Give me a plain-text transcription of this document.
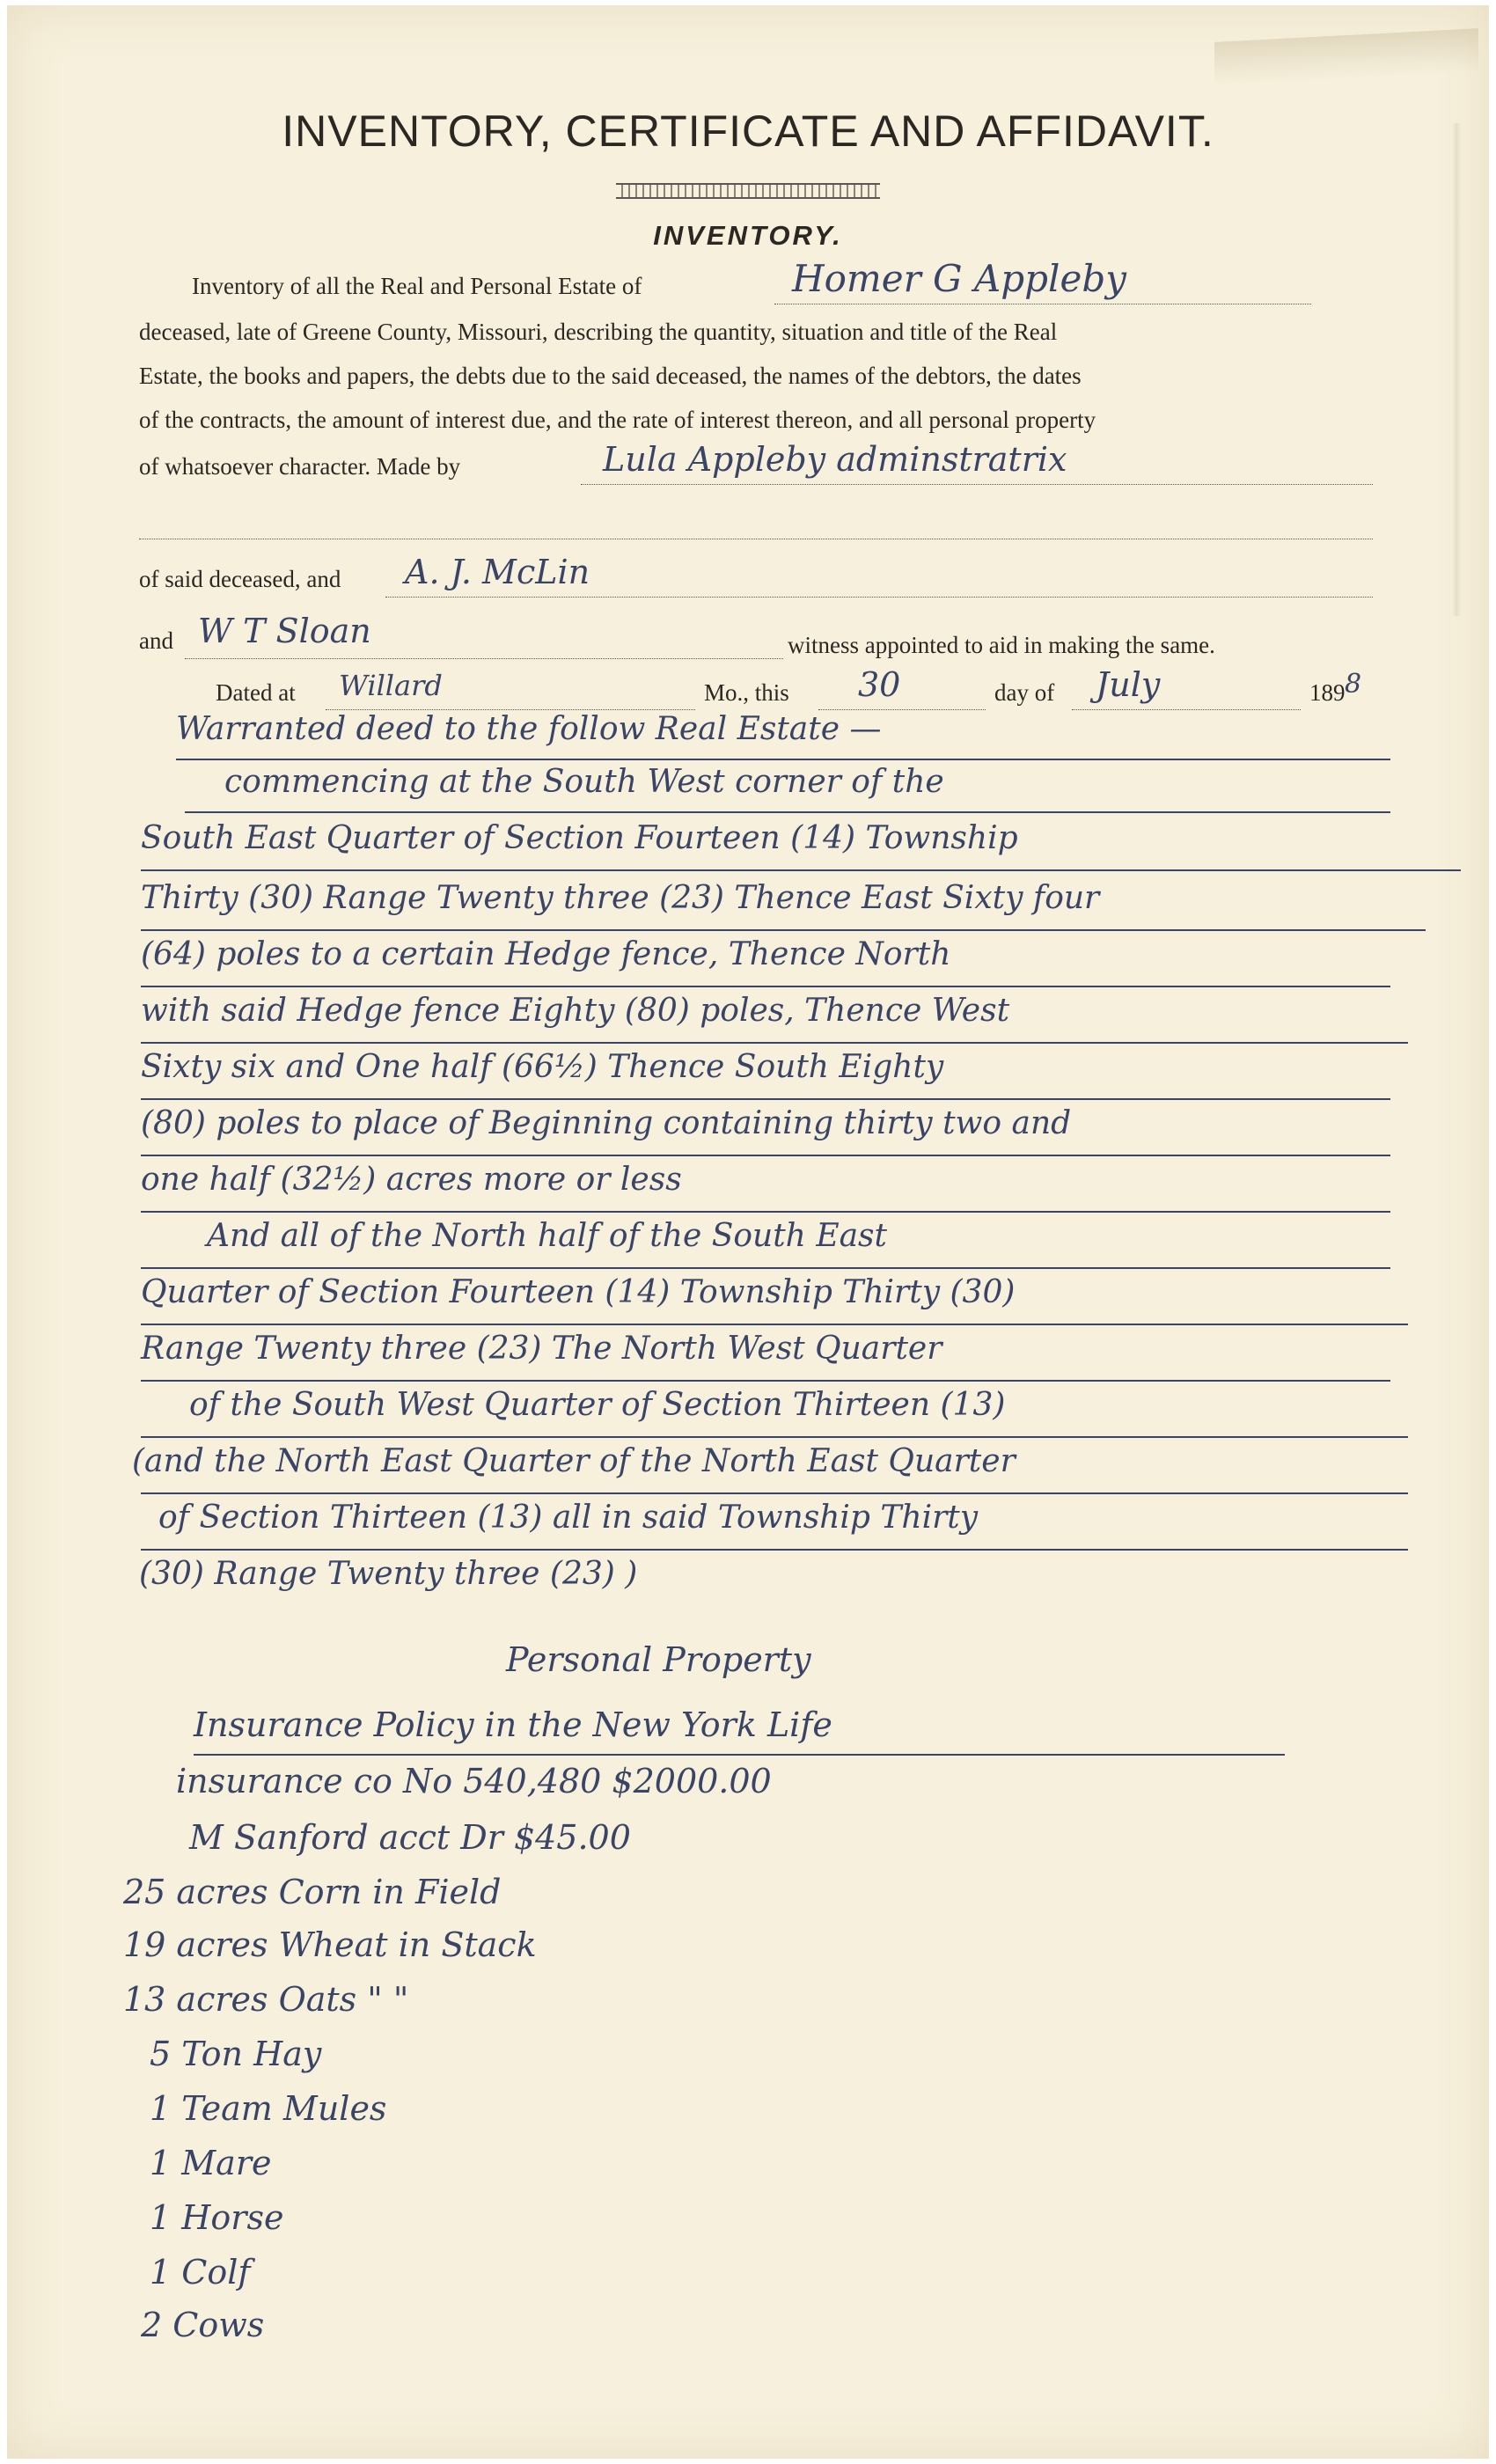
INVENTORY, CERTIFICATE AND AFFIDAVIT.
INVENTORY.
Inventory of all the Real and Personal Estate of	Homer G Appleby
deceased, late of Greene County, Missouri, describing the quantity, situation and title of the Real
Estate, the books and papers, the debts due to the said deceased, the names of the debtors, the dates
of the contracts, the amount of interest due, and the rate of interest thereon, and all personal property
of whatsoever character. Made by	Lula Appleby adminstratrix
of said deceased, and A. J. McLin
and W T Sloan	witness appointed to aid in making the same.
Dated at Willard	Mo., this 30	day of July	189 8
Warranted deed to the follow Real Estate —
commencing at the South West corner of the
South East Quarter of Section Fourteen (14) Township
Thirty (30) Range Twenty three (23) Thence East Sixty four
(64) poles to a certain Hedge fence, Thence North
with said Hedge fence Eighty (80) poles, Thence West
Sixty six and One half (66½) Thence South Eighty
(80) poles to place of Beginning containing thirty two and
one half (32½) acres more or less
And all of the North half of the South East
Quarter of Section Fourteen (14) Township Thirty (30)
Range Twenty three (23) The North West Quarter
of the South West Quarter of Section Thirteen (13)
(and the North East Quarter of the North East Quarter
of Section Thirteen (13) all in said Township Thirty
(30) Range Twenty three (23) )
Personal Property
Insurance Policy in the New York Life
insurance co No 540,480 $2000.00
M Sanford acct Dr $45.00
25 acres Corn in Field
19 acres Wheat in Stack
13 acres Oats " "
5 Ton Hay
1 Team Mules
1 Mare
1 Horse
1 Colf
2 Cows
